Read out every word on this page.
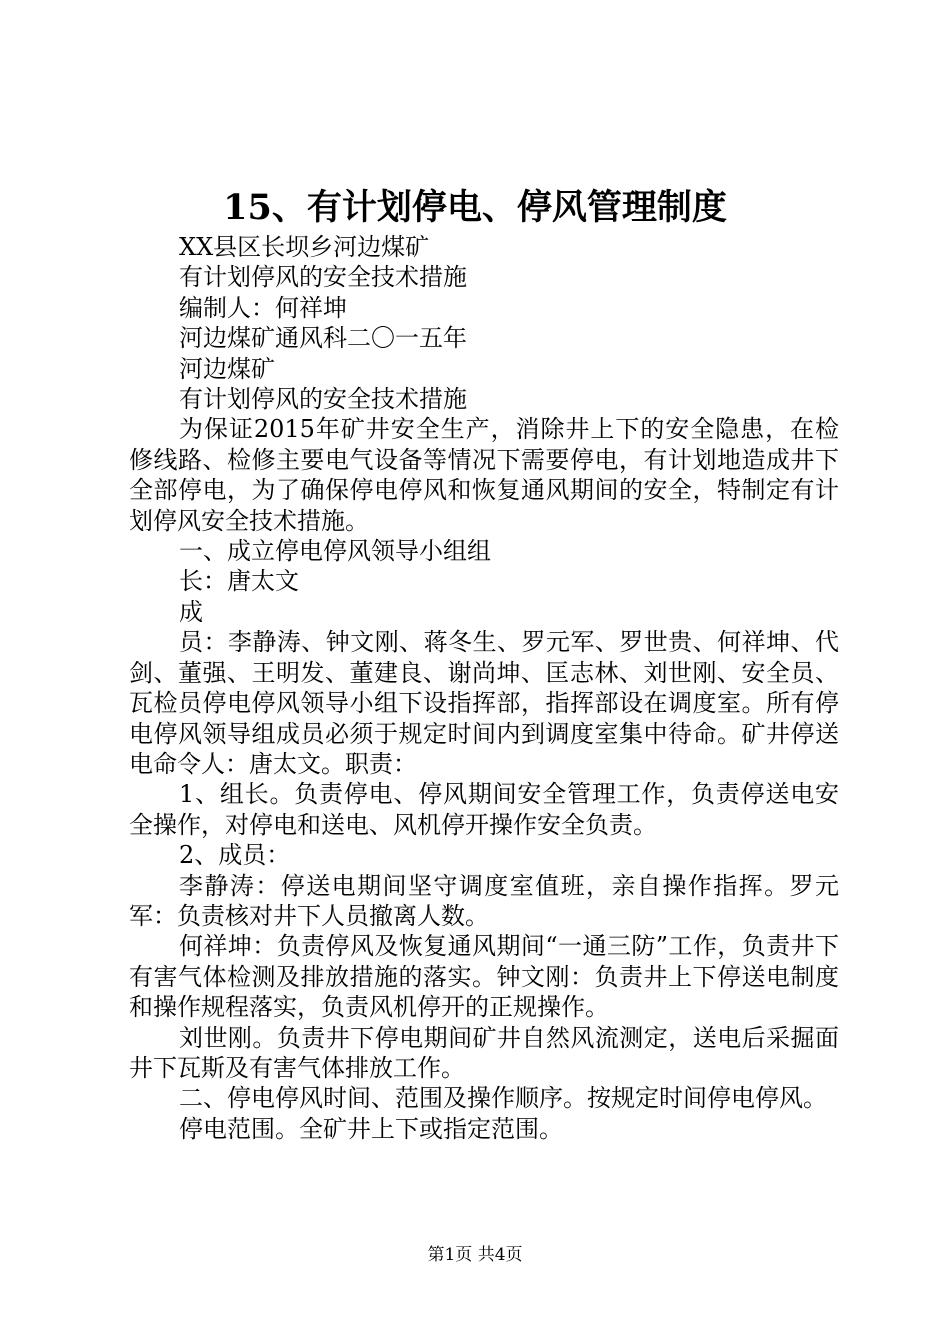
15、有计划停电、停风管理制度

XX县区长坝乡河边煤矿

有计划停风的安全技术措施

编制人：何祥坤

河边煤矿通风科二〇一五年

河边煤矿

有计划停风的安全技术措施

为保证2015年矿井安全生产，消除井上下的安全隐患，在检修线路、检修主要电气设备等情况下需要停电，有计划地造成井下全部停电，为了确保停电停风和恢复通风期间的安全，特制定有计划停风安全技术措施。

一、成立停电停风领导小组组

长：唐太文

成

员：李静涛、钟文刚、蒋冬生、罗元军、罗世贵、何祥坤、代剑、董强、王明发、董建良、谢尚坤、匡志林、刘世刚、安全员、瓦检员停电停风领导小组下设指挥部，指挥部设在调度室。所有停电停风领导组成员必须于规定时间内到调度室集中待命。矿井停送电命令人：唐太文。职责：

1、组长。负责停电、停风期间安全管理工作，负责停送电安全操作，对停电和送电、风机停开操作安全负责。

2、成员：

李静涛：停送电期间坚守调度室值班，亲自操作指挥。罗元军：负责核对井下人员撤离人数。

何祥坤：负责停风及恢复通风期间“一通三防”工作，负责井下有害气体检测及排放措施的落实。钟文刚：负责井上下停送电制度和操作规程落实，负责风机停开的正规操作。

刘世刚。负责井下停电期间矿井自然风流测定，送电后采掘面井下瓦斯及有害气体排放工作。

二、停电停风时间、范围及操作顺序。按规定时间停电停风。

停电范围。全矿井上下或指定范围。

第1页 共4页
